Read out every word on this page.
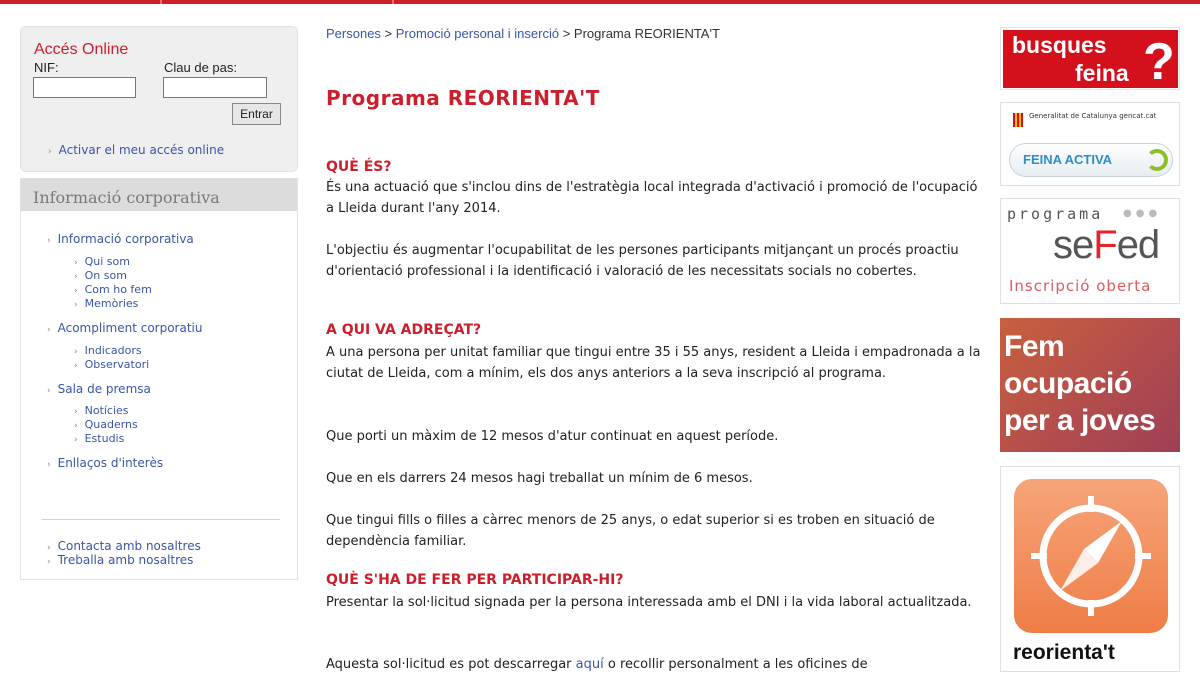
Accés Online
NIF:	Clau de pas:
Entrar
› Activar el meu accés online
Informació corporativa
› Informació corporativa
› Qui som
› On som
› Com ho fem
› Memòries
› Acompliment corporatiu
› Indicadors
› Observatori
› Sala de premsa
› Notícies
› Quaderns
› Estudis
› Enllaços d'interès
› Contacta amb nosaltres
› Treballa amb nosaltres
Persones > Promoció personal i inserció > Programa REORIENTA'T
Programa REORIENTA'T
QUÈ ÉS?
És una actuació que s'inclou dins de l'estratègia local integrada d'activació i promoció de l'ocupació a Lleida durant l'any 2014.
L'objectiu és augmentar l'ocupabilitat de les persones participants mitjançant un procés proactiu d'orientació professional i la identificació i valoració de les necessitats socials no cobertes.
A QUI VA ADREÇAT?
A una persona per unitat familiar que tingui entre 35 i 55 anys, resident a Lleida i empadronada a la ciutat de Lleida, com a mínim, els dos anys anteriors a la seva inscripció al programa.
Que porti un màxim de 12 mesos d'atur continuat en aquest període.
Que en els darrers 24 mesos hagi treballat un mínim de 6 mesos.
Que tingui fills o filles a càrrec menors de 25 anys, o edat superior si es troben en situació de dependència familiar.
QUÈ S'HA DE FER PER PARTICIPAR-HI?
Presentar la sol·licitud signada per la persona interessada amb el DNI i la vida laboral actualitzada.
Aquesta sol·licitud es pot descarregar aquí o recollir personalment a les oficines de
busques
feina ?
Generalitat de Catalunya gencat.cat
FEINA ACTIVA
programa ●●●
seFed
Inscripció oberta
Fem
ocupació
per a joves
reorienta't
